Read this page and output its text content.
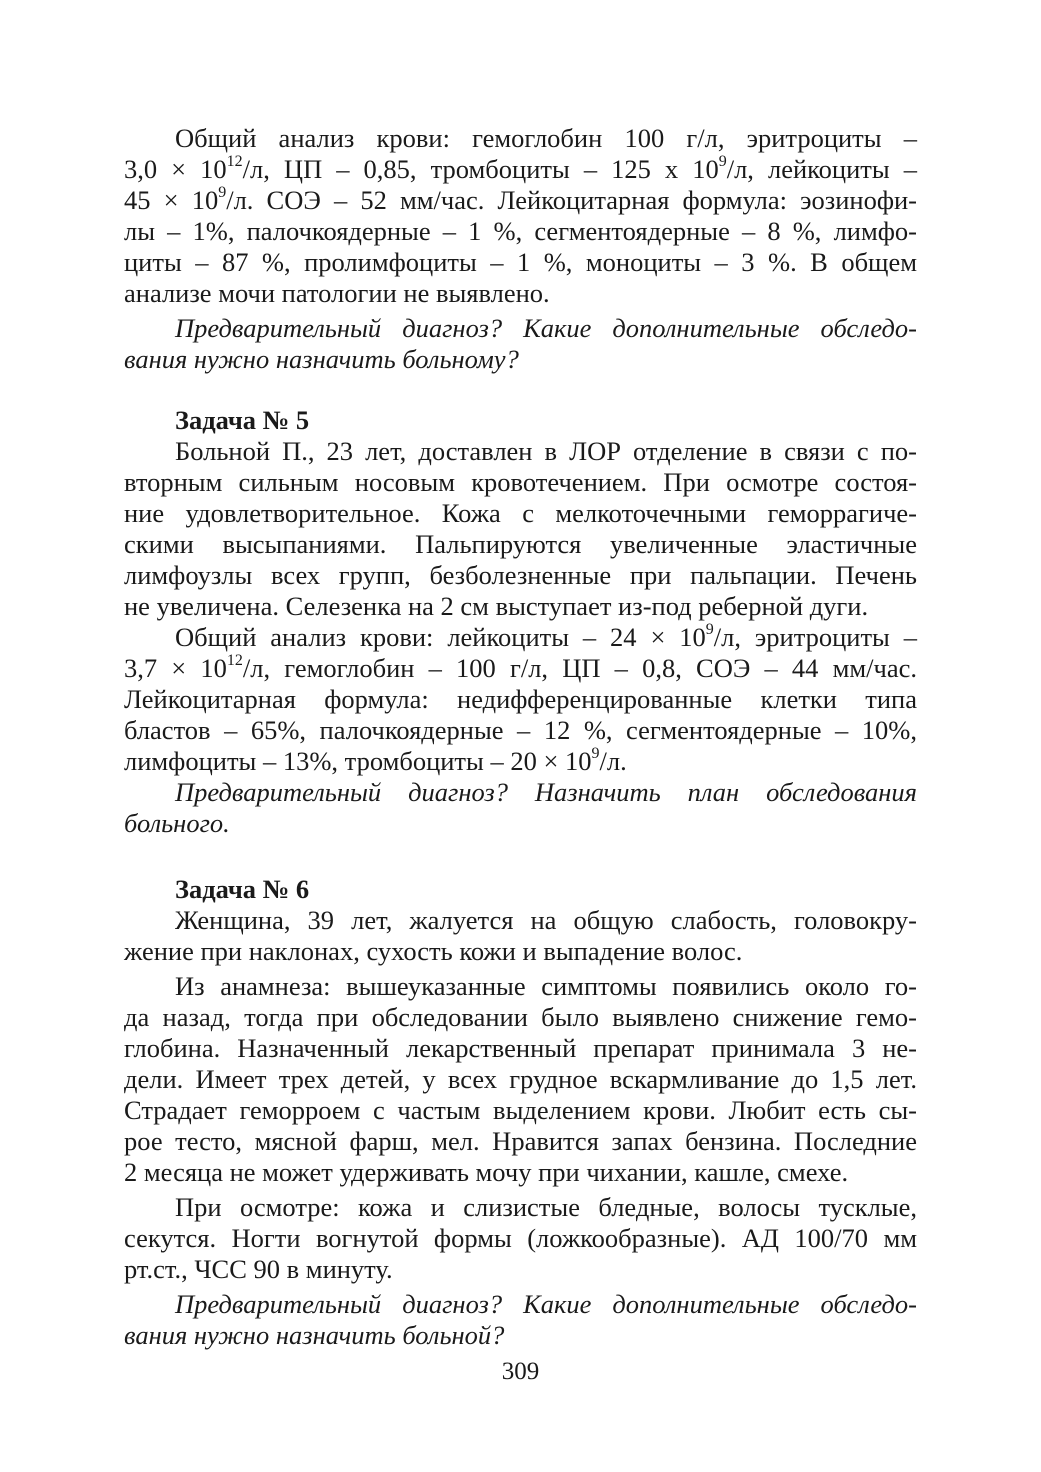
Общий анализ крови: гемоглобин 100 г/л, эритроциты –
$3,0 \times 10^{12}/л$, ЦП – 0,85, тромбоциты – 125 х $10^9/л$, лейкоциты –
$45 \times 10^9/л$. СОЭ – 52 мм/час. Лейкоцитарная формула: эозинофи-
лы – 1%, палочкоядерные – 1 %, сегментоядерные – 8 %, лимфо-
циты – 87 %, пролимфоциты – 1 %, моноциты – 3 %. В общем
анализе мочи патологии не выявлено.
Предварительный диагноз? Какие дополнительные обследо-
вания нужно назначить больному?
Задача № 5
Больной П., 23 лет, доставлен в ЛОР отделение в связи с по-
вторным сильным носовым кровотечением. При осмотре состоя-
ние удовлетворительное. Кожа с мелкоточечными геморрагиче-
скими высыпаниями. Пальпируются увеличенные эластичные
лимфоузлы всех групп, безболезненные при пальпации. Печень
не увеличена. Селезенка на 2 см выступает из-под реберной дуги.
Общий анализ крови: лейкоциты – $24 \times 10^9/л$, эритроциты –
$3,7 \times 10^{12}/л$, гемоглобин – 100 г/л, ЦП – 0,8, СОЭ – 44 мм/час.
Лейкоцитарная формула: недифференцированные клетки типа
бластов – 65%, палочкоядерные – 12 %, сегментоядерные – 10%,
лимфоциты – 13%, тромбоциты – $20 \times 10^9/л$.
Предварительный диагноз? Назначить план обследования
больного.
Задача № 6
Женщина, 39 лет, жалуется на общую слабость, головокру-
жение при наклонах, сухость кожи и выпадение волос.
Из анамнеза: вышеуказанные симптомы появились около го-
да назад, тогда при обследовании было выявлено снижение гемо-
глобина. Назначенный лекарственный препарат принимала 3 не-
дели. Имеет трех детей, у всех грудное вскармливание до 1,5 лет.
Страдает геморроем с частым выделением крови. Любит есть сы-
рое тесто, мясной фарш, мел. Нравится запах бензина. Последние
2 месяца не может удерживать мочу при чихании, кашле, смехе.
При осмотре: кожа и слизистые бледные, волосы тусклые,
секутся. Ногти вогнутой формы (ложкообразные). АД 100/70 мм
рт.ст., ЧСС 90 в минуту.
Предварительный диагноз? Какие дополнительные обследо-
вания нужно назначить больной?
309
